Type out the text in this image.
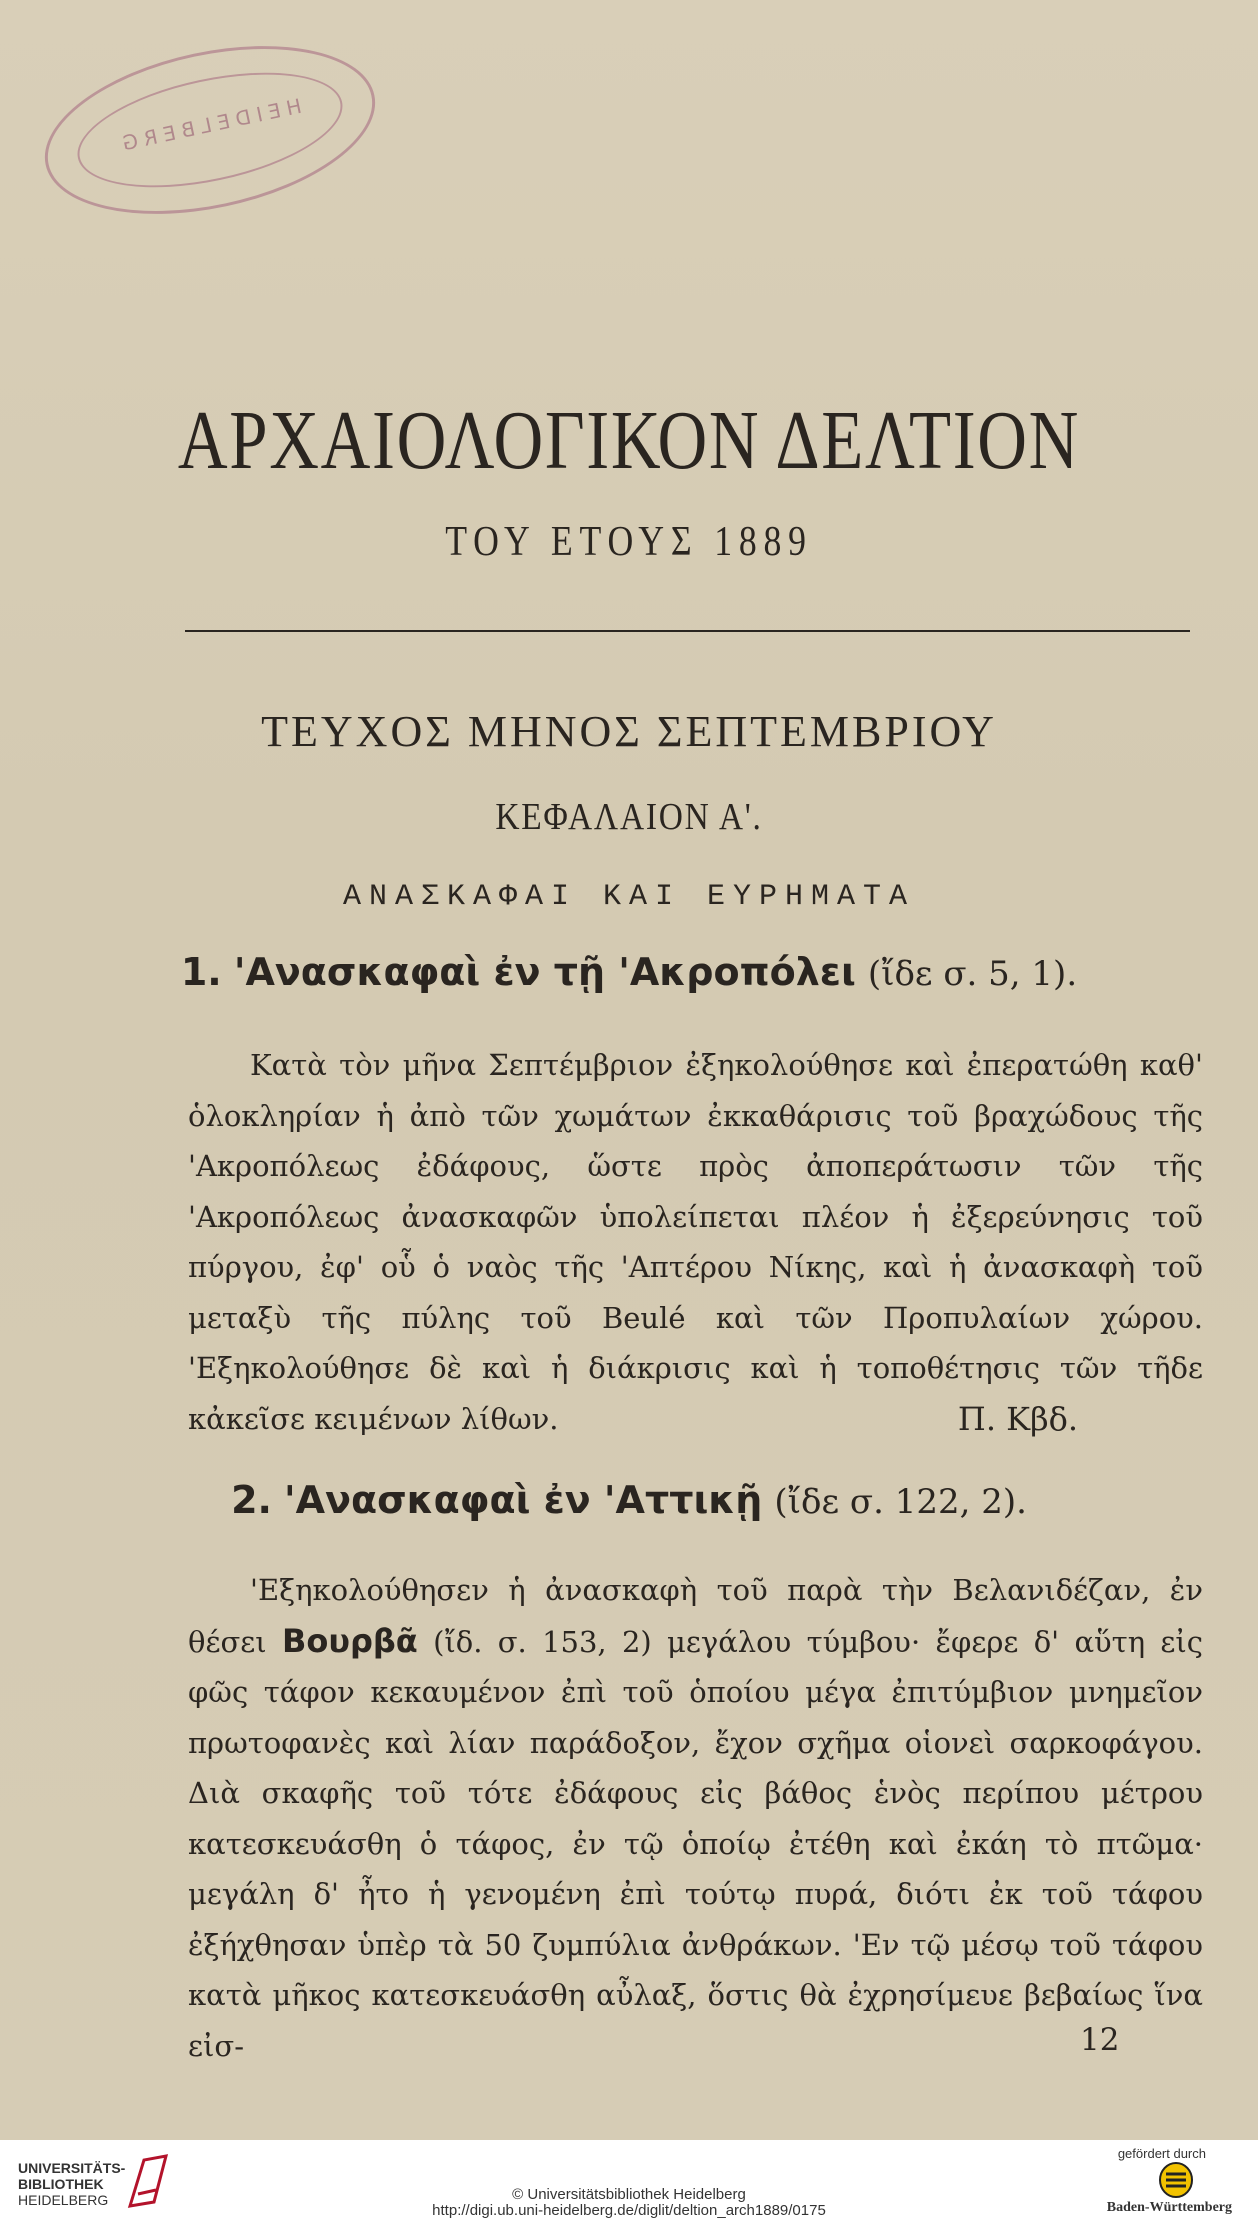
HEIDELBERG
ΑΡΧΑΙΟΛΟΓΙΚΟΝ ΔΕΛΤΙΟΝ
ΤΟΥ ΕΤΟΥΣ 1889
ΤΕΥΧΟΣ ΜΗΝΟΣ ΣΕΠΤΕΜΒΡΙΟΥ
ΚΕΦΑΛΑΙΟΝ Α'.
ΑΝΑΣΚΑΦΑΙ ΚΑΙ ΕΥΡΗΜΑΤΑ
1. 'Ανασκαφαὶ ἐν τῇ 'Ακροπόλει (ἴδε σ. 5, 1).
Κατὰ τὸν μῆνα Σεπτέμβριον ἐξηκολούθησε καὶ ἐπερατώθη καθ' ὁλοκληρίαν ἡ ἀπὸ τῶν χωμάτων ἐκκαθάρισις τοῦ βραχώδους τῆς 'Ακροπόλεως ἐδάφους, ὥστε πρὸς ἀποπεράτωσιν τῶν τῆς 'Ακροπόλεως ἀνασκαφῶν ὑπολείπεται πλέον ἡ ἐξερεύνησις τοῦ πύργου, ἐφ' οὗ ὁ ναὸς τῆς 'Απτέρου Νίκης, καὶ ἡ ἀνασκαφὴ τοῦ μεταξὺ τῆς πύλης τοῦ Beulé καὶ τῶν Προπυλαίων χώρου. 'Εξηκολούθησε δὲ καὶ ἡ διάκρισις καὶ ἡ τοποθέτησις τῶν τῆδε κἀκεῖσε κειμένων λίθων.	Π. Κβδ.
2. 'Ανασκαφαὶ ἐν 'Αττικῇ (ἴδε σ. 122, 2).
'Εξηκολούθησεν ἡ ἀνασκαφὴ τοῦ παρὰ τὴν Βελανιδέζαν, ἐν θέσει Βουρβᾶ (ἴδ. σ. 153, 2) μεγάλου τύμβου· ἔφερε δ' αὕτη εἰς φῶς τάφον κεκαυμένον ἐπὶ τοῦ ὁποίου μέγα ἐπιτύμβιον μνημεῖον πρωτοφανὲς καὶ λίαν παράδοξον, ἔχον σχῆμα οἱονεὶ σαρκοφάγου. Διὰ σκαφῆς τοῦ τότε ἐδάφους εἰς βάθος ἑνὸς περίπου μέτρου κατεσκευάσθη ὁ τάφος, ἐν τῷ ὁποίῳ ἐτέθη καὶ ἐκάη τὸ πτῶμα· μεγάλη δ' ἦτο ἡ γενομένη ἐπὶ τούτῳ πυρά, διότι ἐκ τοῦ τάφου ἐξήχθησαν ὑπὲρ τὰ 50 ζυμπύλια ἀνθράκων. 'Εν τῷ μέσῳ τοῦ τάφου κατὰ μῆκος κατεσκευάσθη αὖλαξ, ὅστις θὰ ἐχρησίμευε βεβαίως ἵνα εἰσ-	12
UNIVERSITÄTS-
BIBLIOTHEK
HEIDELBERG	© Universitätsbibliothek Heidelberg
http://digi.ub.uni-heidelberg.de/diglit/deltion_arch1889/0175
gefördert durch
Baden-Württemberg
